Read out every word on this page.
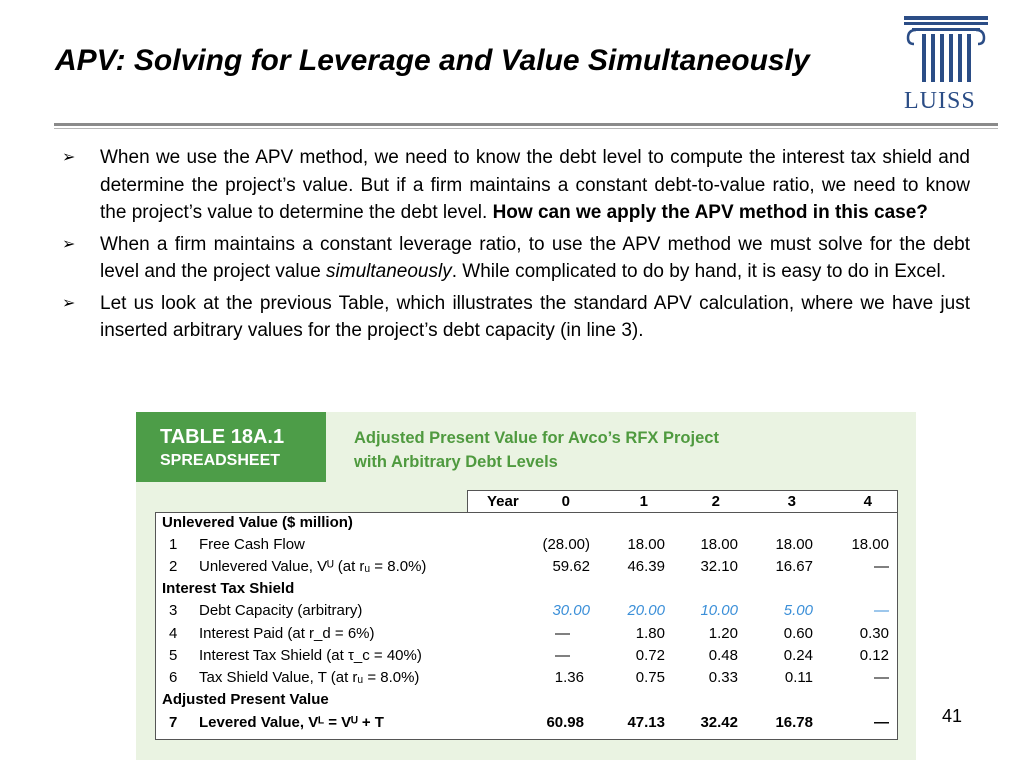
APV: Solving for Leverage and Value Simultaneously
LUISS
➢ When we use the APV method, we need to know the debt level to compute the interest tax shield and determine the project’s value. But if a firm maintains a constant debt-to-value ratio, we need to know the project’s value to determine the debt level. How can we apply the APV method in this case?
➢ When a firm maintains a constant leverage ratio, to use the APV method we must solve for the debt level and the project value simultaneously. While complicated to do by hand, it is easy to do in Excel.
➢ Let us look at the previous Table, which illustrates the standard APV calculation, where we have just inserted arbitrary values for the project’s debt capacity (in line 3).
TABLE 18A.1
SPREADSHEET
Adjusted Present Value for Avco’s RFX Project
with Arbitrary Debt Levels
Year	0	1	2	3	4
Unlevered Value ($ million)
1 Free Cash Flow	(28.00)	18.00	18.00	18.00	18.00
2 Unlevered Value, Vᵁ (at rᵤ = 8.0%)	59.62	46.39	32.10	16.67	—
Interest Tax Shield
3 Debt Capacity (arbitrary)	30.00	20.00	10.00	5.00	—
4 Interest Paid (at r_d = 6%)	—	1.80	1.20	0.60	0.30
5 Interest Tax Shield (at τ_c = 40%)	—	0.72	0.48	0.24	0.12
6 Tax Shield Value, T (at rᵤ = 8.0%)	1.36	0.75	0.33	0.11	—
Adjusted Present Value
7 Levered Value, Vᴸ = Vᵁ + T	60.98	47.13	32.42	16.78	—	41
